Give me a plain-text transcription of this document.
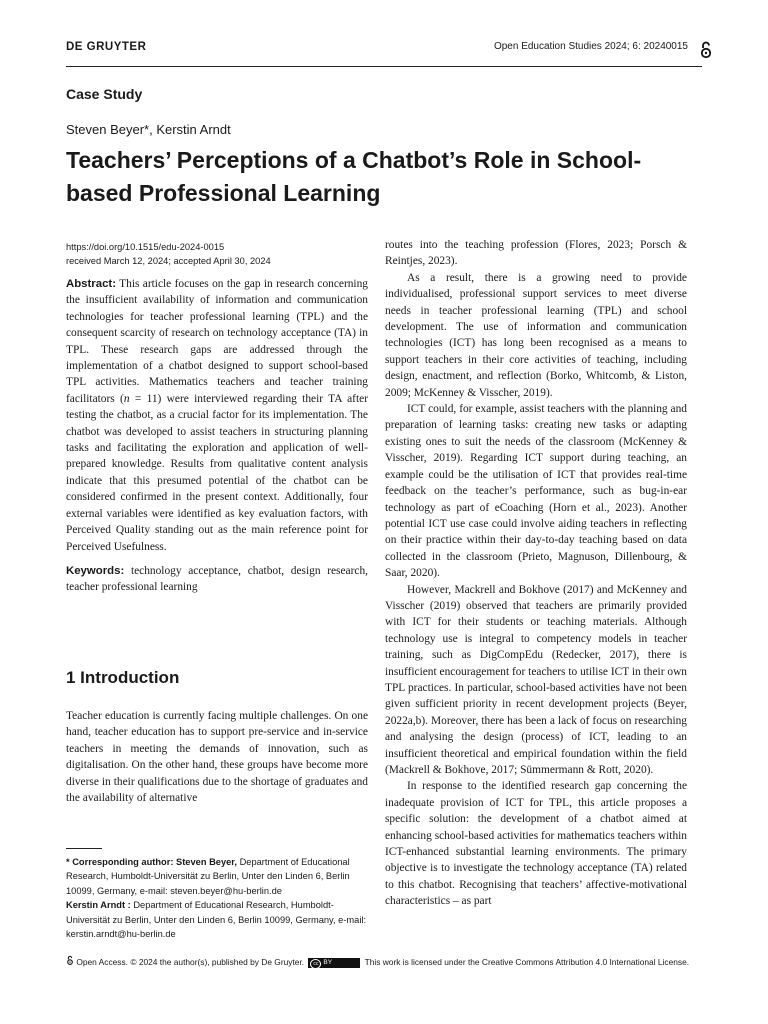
DE GRUYTER	Open Education Studies 2024; 6: 20240015
Case Study
Steven Beyer*, Kerstin Arndt
Teachers’ Perceptions of a Chatbot’s Role in School-based Professional Learning
https://doi.org/10.1515/edu-2024-0015
received March 12, 2024; accepted April 30, 2024

Abstract: This article focuses on the gap in research concerning the insufficient availability of information and communication technologies for teacher professional learning (TPL) and the consequent scarcity of research on technology acceptance (TA) in TPL. These research gaps are addressed through the implementation of a chatbot designed to support school-based TPL activities. Mathematics teachers and teacher training facilitators (n = 11) were interviewed regarding their TA after testing the chatbot, as a crucial factor for its implementation. The chatbot was developed to assist teachers in structuring planning tasks and facilitating the exploration and application of well-prepared knowledge. Results from qualitative content analysis indicate that this presumed potential of the chatbot can be considered confirmed in the present context. Additionally, four external variables were identified as key evaluation factors, with Perceived Quality standing out as the main reference point for Perceived Usefulness.

Keywords: technology acceptance, chatbot, design research, teacher professional learning

1 Introduction
Teacher education is currently facing multiple challenges. On one hand, teacher education has to support pre-service and in-service teachers in meeting the demands of innovation, such as digitalisation. On the other hand, these groups have become more diverse in their qualifications due to the shortage of graduates and the availability of alternative

* Corresponding author: Steven Beyer, Department of Educational Research, Humboldt-Universität zu Berlin, Unter den Linden 6, Berlin 10099, Germany, e-mail: steven.beyer@hu-berlin.de

Kerstin Arndt : Department of Educational Research, Humboldt-Universität zu Berlin, Unter den Linden 6, Berlin 10099, Germany, e-mail: kerstin.arndt@hu-berlin.de

routes into the teaching profession (Flores, 2023; Porsch & Reintjes, 2023).

As a result, there is a growing need to provide individualised, professional support services to meet diverse needs in teacher professional learning (TPL) and school development. The use of information and communication technologies (ICT) has long been recognised as a means to support teachers in their core activities of teaching, including design, enactment, and reflection (Borko, Whitcomb, & Liston, 2009; McKenney & Visscher, 2019).

ICT could, for example, assist teachers with the planning and preparation of learning tasks: creating new tasks or adapting existing ones to suit the needs of the classroom (McKenney & Visscher, 2019). Regarding ICT support during teaching, an example could be the utilisation of ICT that provides real-time feedback on the teacher’s performance, such as bug-in-ear technology as part of eCoaching (Horn et al., 2023). Another potential ICT use case could involve aiding teachers in reflecting on their practice within their day-to-day teaching based on data collected in the classroom (Prieto, Magnuson, Dillenbourg, & Saar, 2020).

However, Mackrell and Bokhove (2017) and McKenney and Visscher (2019) observed that teachers are primarily provided with ICT for their students or teaching materials. Although technology use is integral to competency models in teacher training, such as DigCompEdu (Redecker, 2017), there is insufficient encouragement for teachers to utilise ICT in their own TPL practices. In particular, school-based activities have not been given sufficient priority in recent development projects (Beyer, 2022a,b). Moreover, there has been a lack of focus on researching and analysing the design (process) of ICT, leading to an insufficient theoretical and empirical foundation within the field (Mackrell & Bokhove, 2017; Sümmermann & Rott, 2020).

In response to the identified research gap concerning the inadequate provision of ICT for TPL, this article proposes a specific solution: the development of a chatbot aimed at enhancing school-based activities for mathematics teachers within ICT-enhanced substantial learning environments. The primary objective is to investigate the technology acceptance (TA) related to this chatbot. Recognising that teachers’ affective-motivational characteristics – as part

Open Access. © 2024 the author(s), published by De Gruyter. cc BY	This work is licensed under the Creative Commons Attribution 4.0 International License.
